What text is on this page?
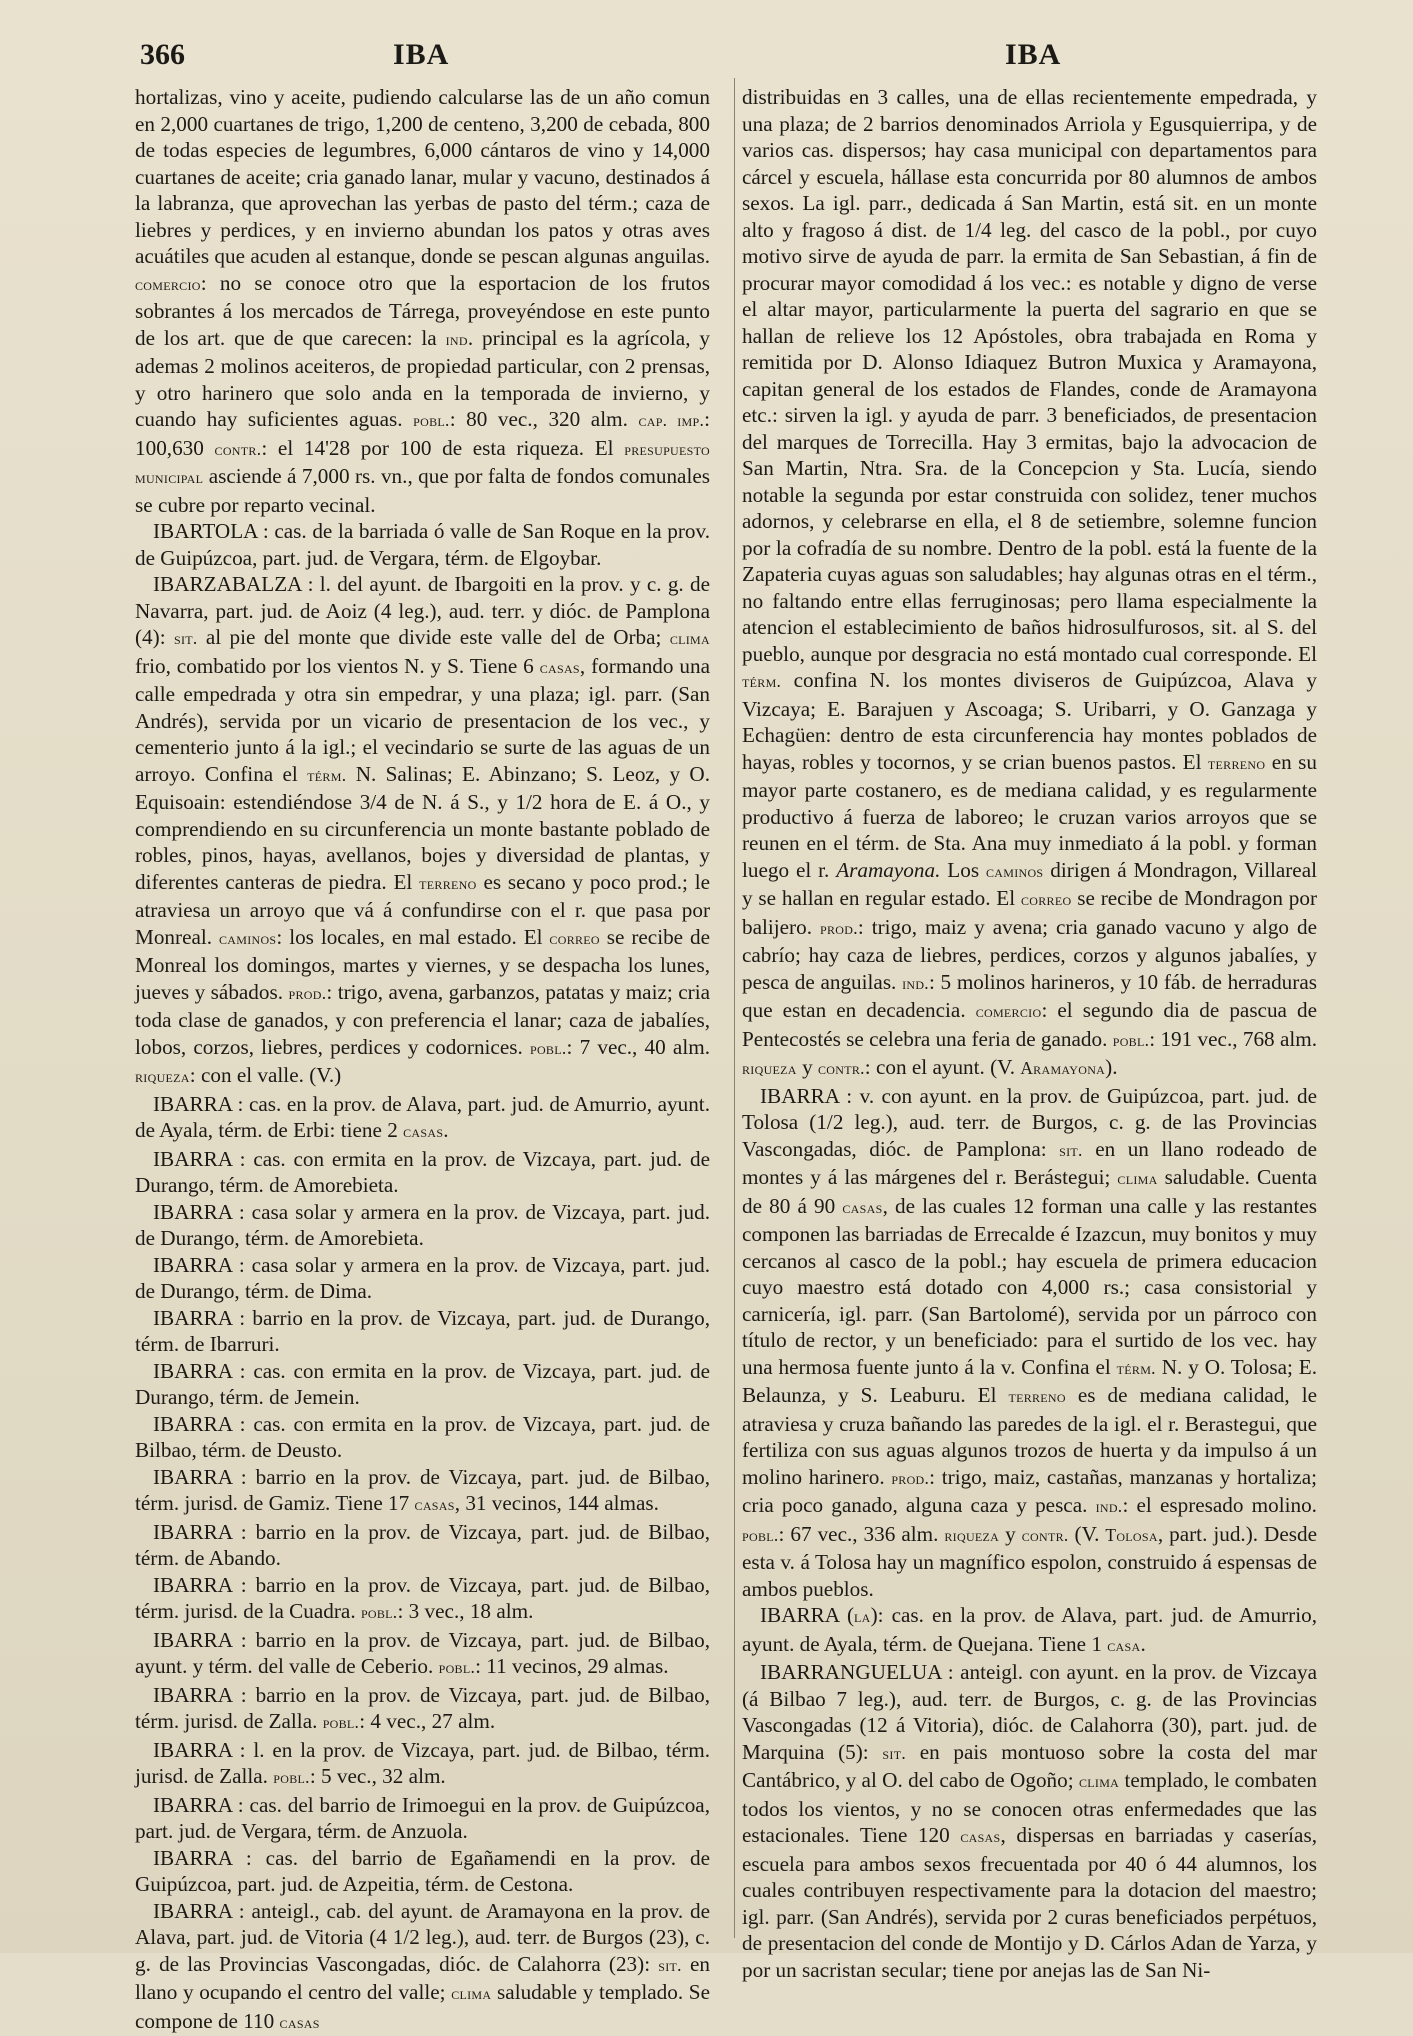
366	IBA	IBA

hortalizas, vino y aceite, pudiendo calcularse las de un año comun en 2,000 cuartanes de trigo, 1,200 de centeno, 3,200 de cebada, 800 de todas especies de legumbres, 6,000 cántaros de vino y 14,000 cuartanes de aceite; cria ganado lanar, mular y vacuno, destinados á la labranza, que aprovechan las yerbas de pasto del térm.; caza de liebres y perdices, y en invierno abundan los patos y otras aves acuátiles que acuden al estanque, donde se pescan algunas anguilas. comercio: no se conoce otro que la esportacion de los frutos sobrantes á los mercados de Tárrega, proveyéndose en este punto de los art. que de que carecen: la ind. principal es la agrícola, y ademas 2 molinos aceiteros, de propiedad particular, con 2 prensas, y otro harinero que solo anda en la temporada de invierno, y cuando hay suficientes aguas. pobl.: 80 vec., 320 alm. cap. imp.: 100,630 contr.: el 14'28 por 100 de esta riqueza. El presupuesto municipal asciende á 7,000 rs. vn., que por falta de fondos comunales se cubre por reparto vecinal.

IBARTOLA : cas. de la barriada ó valle de San Roque en la prov. de Guipúzcoa, part. jud. de Vergara, térm. de Elgoybar.

IBARZABALZA : l. del ayunt. de Ibargoiti en la prov. y c. g. de Navarra, part. jud. de Aoiz (4 leg.), aud. terr. y dióc. de Pamplona (4): sit. al pie del monte que divide este valle del de Orba; clima frio, combatido por los vientos N. y S. Tiene 6 casas, formando una calle empedrada y otra sin empedrar, y una plaza; igl. parr. (San Andrés), servida por un vicario de presentacion de los vec., y cementerio junto á la igl.; el vecindario se surte de las aguas de un arroyo. Confina el térm. N. Salinas; E. Abinzano; S. Leoz, y O. Equisoain: estendiéndose 3/4 de N. á S., y 1/2 hora de E. á O., y comprendiendo en su circunferencia un monte bastante poblado de robles, pinos, hayas, avellanos, bojes y diversidad de plantas, y diferentes canteras de piedra. El terreno es secano y poco prod.; le atraviesa un arroyo que vá á confundirse con el r. que pasa por Monreal. caminos: los locales, en mal estado. El correo se recibe de Monreal los domingos, martes y viernes, y se despacha los lunes, jueves y sábados. prod.: trigo, avena, garbanzos, patatas y maiz; cria toda clase de ganados, y con preferencia el lanar; caza de jabalíes, lobos, corzos, liebres, perdices y codornices. pobl.: 7 vec., 40 alm. riqueza: con el valle. (V.)

IBARRA : cas. en la prov. de Alava, part. jud. de Amurrio, ayunt. de Ayala, térm. de Erbi: tiene 2 casas.

IBARRA : cas. con ermita en la prov. de Vizcaya, part. jud. de Durango, térm. de Amorebieta.

IBARRA : casa solar y armera en la prov. de Vizcaya, part. jud. de Durango, térm. de Amorebieta.

IBARRA : casa solar y armera en la prov. de Vizcaya, part. jud. de Durango, térm. de Dima.

IBARRA : barrio en la prov. de Vizcaya, part. jud. de Durango, térm. de Ibarruri.

IBARRA : cas. con ermita en la prov. de Vizcaya, part. jud. de Durango, térm. de Jemein.

IBARRA : cas. con ermita en la prov. de Vizcaya, part. jud. de Bilbao, térm. de Deusto.

IBARRA : barrio en la prov. de Vizcaya, part. jud. de Bilbao, térm. jurisd. de Gamiz. Tiene 17 casas, 31 vecinos, 144 almas.

IBARRA : barrio en la prov. de Vizcaya, part. jud. de Bilbao, térm. de Abando.

IBARRA : barrio en la prov. de Vizcaya, part. jud. de Bilbao, térm. jurisd. de la Cuadra. pobl.: 3 vec., 18 alm.

IBARRA : barrio en la prov. de Vizcaya, part. jud. de Bilbao, ayunt. y térm. del valle de Ceberio. pobl.: 11 vecinos, 29 almas.

IBARRA : barrio en la prov. de Vizcaya, part. jud. de Bilbao, térm. jurisd. de Zalla. pobl.: 4 vec., 27 alm.

IBARRA : l. en la prov. de Vizcaya, part. jud. de Bilbao, térm. jurisd. de Zalla. pobl.: 5 vec., 32 alm.

IBARRA : cas. del barrio de Irimoegui en la prov. de Guipúzcoa, part. jud. de Vergara, térm. de Anzuola.

IBARRA : cas. del barrio de Egañamendi en la prov. de Guipúzcoa, part. jud. de Azpeitia, térm. de Cestona.

IBARRA : anteigl., cab. del ayunt. de Aramayona en la prov. de Alava, part. jud. de Vitoria (4 1/2 leg.), aud. terr. de Burgos (23), c. g. de las Provincias Vascongadas, dióc. de Calahorra (23): sit. en llano y ocupando el centro del valle; clima saludable y templado. Se compone de 110 casas

distribuidas en 3 calles, una de ellas recientemente empedrada, y una plaza; de 2 barrios denominados Arriola y Egusquierripa, y de varios cas. dispersos; hay casa municipal con departamentos para cárcel y escuela, hállase esta concurrida por 80 alumnos de ambos sexos. La igl. parr., dedicada á San Martin, está sit. en un monte alto y fragoso á dist. de 1/4 leg. del casco de la pobl., por cuyo motivo sirve de ayuda de parr. la ermita de San Sebastian, á fin de procurar mayor comodidad á los vec.: es notable y digno de verse el altar mayor, particularmente la puerta del sagrario en que se hallan de relieve los 12 Apóstoles, obra trabajada en Roma y remitida por D. Alonso Idiaquez Butron Muxica y Aramayona, capitan general de los estados de Flandes, conde de Aramayona etc.: sirven la igl. y ayuda de parr. 3 beneficiados, de presentacion del marques de Torrecilla. Hay 3 ermitas, bajo la advocacion de San Martin, Ntra. Sra. de la Concepcion y Sta. Lucía, siendo notable la segunda por estar construida con solidez, tener muchos adornos, y celebrarse en ella, el 8 de setiembre, solemne funcion por la cofradía de su nombre. Dentro de la pobl. está la fuente de la Zapateria cuyas aguas son saludables; hay algunas otras en el térm., no faltando entre ellas ferruginosas; pero llama especialmente la atencion el establecimiento de baños hidrosulfurosos, sit. al S. del pueblo, aunque por desgracia no está montado cual corresponde. El térm. confina N. los montes diviseros de Guipúzcoa, Alava y Vizcaya; E. Barajuen y Ascoaga; S. Uribarri, y O. Ganzaga y Echagüen: dentro de esta circunferencia hay montes poblados de hayas, robles y tocornos, y se crian buenos pastos. El terreno en su mayor parte costanero, es de mediana calidad, y es regularmente productivo á fuerza de laboreo; le cruzan varios arroyos que se reunen en el térm. de Sta. Ana muy inmediato á la pobl. y forman luego el r. Aramayona. Los caminos dirigen á Mondragon, Villareal y se hallan en regular estado. El correo se recibe de Mondragon por balijero. prod.: trigo, maiz y avena; cria ganado vacuno y algo de cabrío; hay caza de liebres, perdices, corzos y algunos jabalíes, y pesca de anguilas. ind.: 5 molinos harineros, y 10 fáb. de herraduras que estan en decadencia. comercio: el segundo dia de pascua de Pentecostés se celebra una feria de ganado. pobl.: 191 vec., 768 alm. riqueza y contr.: con el ayunt. (V. Aramayona).

IBARRA : v. con ayunt. en la prov. de Guipúzcoa, part. jud. de Tolosa (1/2 leg.), aud. terr. de Burgos, c. g. de las Provincias Vascongadas, dióc. de Pamplona: sit. en un llano rodeado de montes y á las márgenes del r. Berástegui; clima saludable. Cuenta de 80 á 90 casas, de las cuales 12 forman una calle y las restantes componen las barriadas de Errecalde é Izazcun, muy bonitos y muy cercanos al casco de la pobl.; hay escuela de primera educacion cuyo maestro está dotado con 4,000 rs.; casa consistorial y carnicería, igl. parr. (San Bartolomé), servida por un párroco con título de rector, y un beneficiado: para el surtido de los vec. hay una hermosa fuente junto á la v. Confina el térm. N. y O. Tolosa; E. Belaunza, y S. Leaburu. El terreno es de mediana calidad, le atraviesa y cruza bañando las paredes de la igl. el r. Berastegui, que fertiliza con sus aguas algunos trozos de huerta y da impulso á un molino harinero. prod.: trigo, maiz, castañas, manzanas y hortaliza; cria poco ganado, alguna caza y pesca. ind.: el espresado molino. pobl.: 67 vec., 336 alm. riqueza y contr. (V. Tolosa, part. jud.). Desde esta v. á Tolosa hay un magnífico espolon, construido á espensas de ambos pueblos.

IBARRA (la): cas. en la prov. de Alava, part. jud. de Amurrio, ayunt. de Ayala, térm. de Quejana. Tiene 1 casa.

IBARRANGUELUA : anteigl. con ayunt. en la prov. de Vizcaya (á Bilbao 7 leg.), aud. terr. de Burgos, c. g. de las Provincias Vascongadas (12 á Vitoria), dióc. de Calahorra (30), part. jud. de Marquina (5): sit. en pais montuoso sobre la costa del mar Cantábrico, y al O. del cabo de Ogoño; clima templado, le combaten todos los vientos, y no se conocen otras enfermedades que las estacionales. Tiene 120 casas, dispersas en barriadas y caserías, escuela para ambos sexos frecuentada por 40 ó 44 alumnos, los cuales contribuyen respectivamente para la dotacion del maestro; igl. parr. (San Andrés), servida por 2 curas beneficiados perpétuos, de presentacion del conde de Montijo y D. Cárlos Adan de Yarza, y por un sacristan secular; tiene por anejas las de San Ni-
